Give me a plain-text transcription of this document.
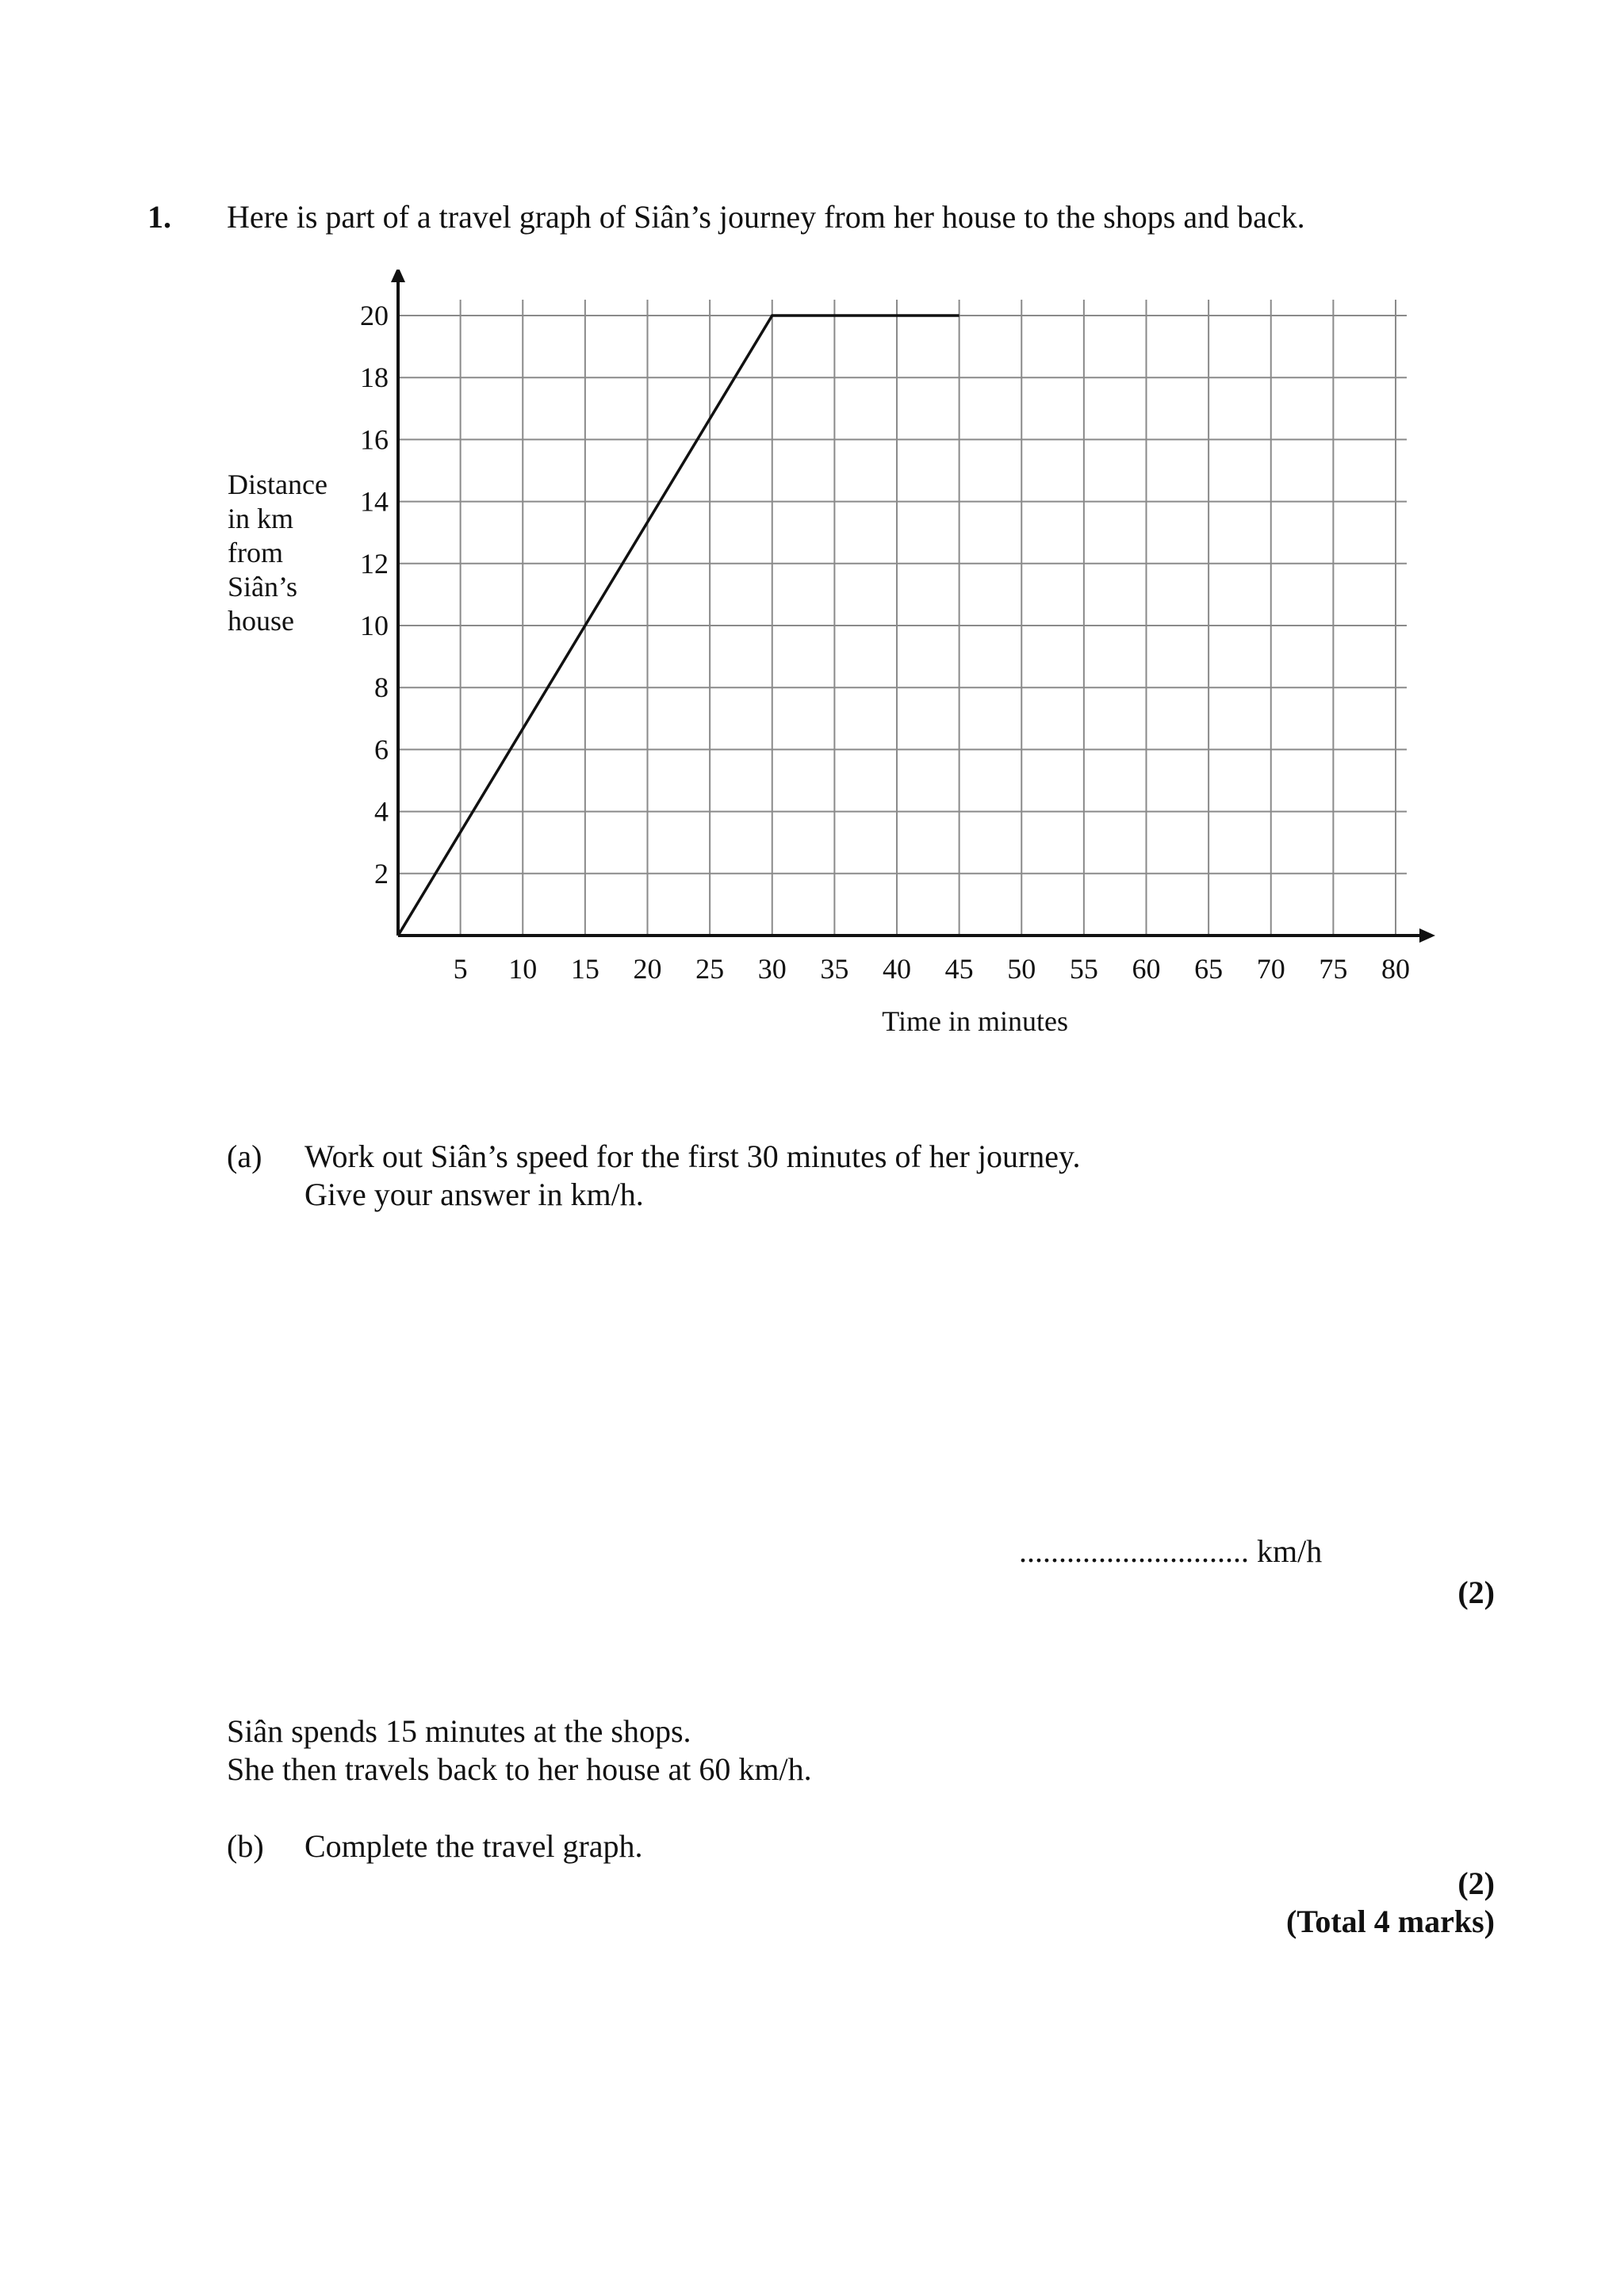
1. Here is part of a travel graph of Siân’s journey from her house to the shops and back.
Distance
in km
from
Siân’s
house
5 10 15 20 25 30 35 40 45 50 55 60 65 70 75 80
2
4
6
8
10
12
14
16
18
20
Time in minutes
(a) Work out Siân’s speed for the first 30 minutes of her journey.
Give your answer in km/h.
............................. km/h
(2)
Siân spends 15 minutes at the shops.
She then travels back to her house at 60 km/h.
(b) Complete the travel graph.
(2)
(Total 4 marks)
